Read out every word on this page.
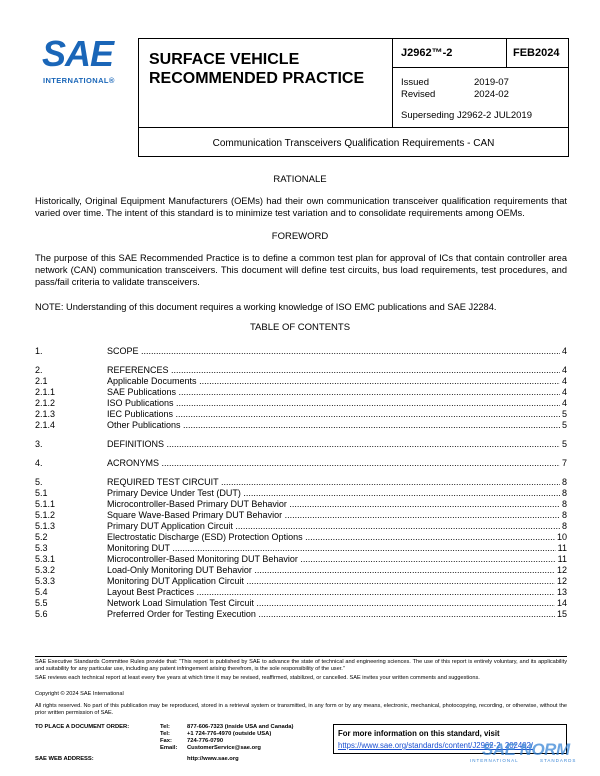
SAE
INTERNATIONAL®
SURFACE VEHICLE
RECOMMENDED PRACTICE
J2962™-2	FEB2024
Issued	2019-07
Revised	2024-02
Superseding J2962-2 JUL2019
Communication Transceivers Qualification Requirements - CAN
RATIONALE
Historically, Original Equipment Manufacturers (OEMs) had their own communication transceiver qualification requirements that varied over time. The intent of this standard is to minimize test variation and to consolidate requirements among OEMs.
FOREWORD
The purpose of this SAE Recommended Practice is to define a common test plan for approval of ICs that contain controller area network (CAN) communication transceivers. This document will define test circuits, bus load requirements, test procedures, and pass/fail criteria to validate transceivers.
NOTE: Understanding of this document requires a working knowledge of ISO EMC publications and SAE J2284.
TABLE OF CONTENTS
1.	SCOPE .....	4
2.	REFERENCES .....	4
2.1	Applicable Documents .....	4
2.1.1	SAE Publications .....	4
2.1.2	ISO Publications .....	4
2.1.3	IEC Publications .....	5
2.1.4	Other Publications .....	5
3.	DEFINITIONS .....	5
4.	ACRONYMS .....	7
5.	REQUIRED TEST CIRCUIT .....	8
5.1	Primary Device Under Test (DUT) .....	8
5.1.1	Microcontroller-Based Primary DUT Behavior .....	8
5.1.2	Square Wave-Based Primary DUT Behavior .....	8
5.1.3	Primary DUT Application Circuit .....	8
5.2	Electrostatic Discharge (ESD) Protection Options .....	10
5.3	Monitoring DUT .....	11
5.3.1	Microcontroller-Based Monitoring DUT Behavior .....	11
5.3.2	Load-Only Monitoring DUT Behavior .....	12
5.3.3	Monitoring DUT Application Circuit .....	12
5.4	Layout Best Practices .....	13
5.5	Network Load Simulation Test Circuit .....	14
5.6	Preferred Order for Testing Execution .....	15
SAE Executive Standards Committee Rules provide that: “This report is published by SAE to advance the state of technical and engineering sciences. The use of this report is entirely voluntary, and its applicability and suitability for any particular use, including any patent infringement arising therefrom, is the sole responsibility of the user.”
SAE reviews each technical report at least every five years at which time it may be revised, reaffirmed, stabilized, or cancelled. SAE invites your written comments and suggestions.
Copyright © 2024 SAE International
All rights reserved. No part of this publication may be reproduced, stored in a retrieval system or transmitted, in any form or by any means, electronic, mechanical, photocopying, recording, or otherwise, without the prior written permission of SAE.
TO PLACE A DOCUMENT ORDER:	Tel:	877-606-7323 (inside USA and Canada)
Tel:	+1 724-776-4970 (outside USA)
Fax:	724-776-0790
Email: CustomerService@sae.org
SAE WEB ADDRESS:	http://www.sae.org
For more information on this standard, visit
https://www.sae.org/standards/content/J2962-2_202402/
SAE NORM
INTERNATIONAL	STANDARDS
